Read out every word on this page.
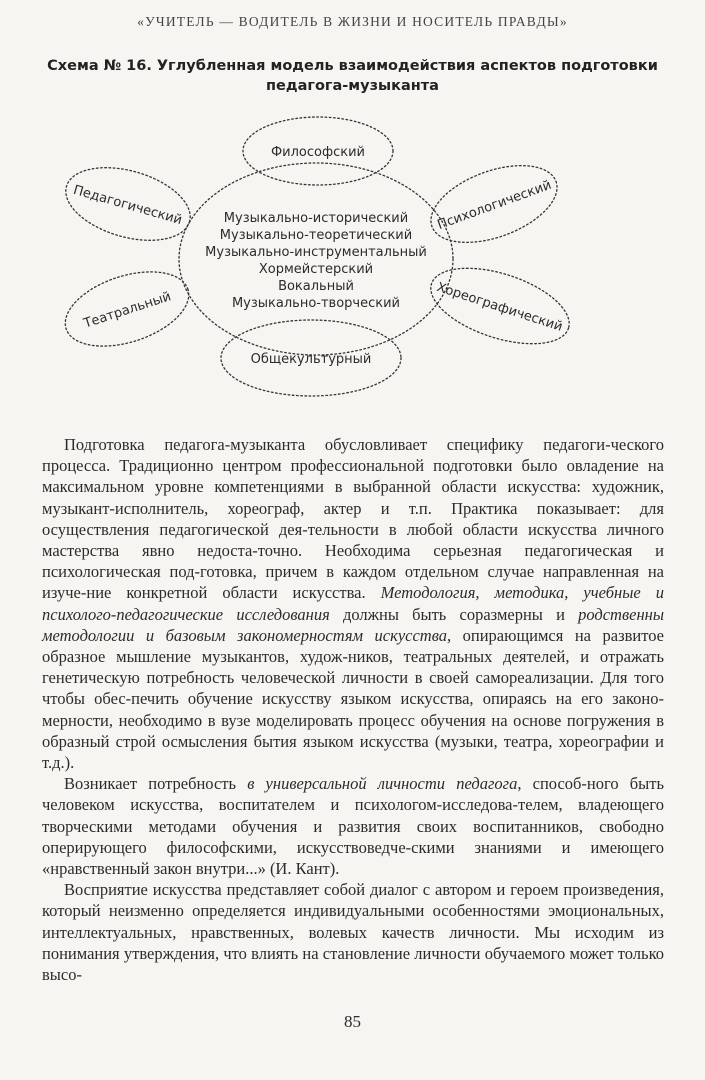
«УЧИТЕЛЬ — ВОДИТЕЛЬ В ЖИЗНИ И НОСИТЕЛЬ ПРАВДЫ»
Схема № 16. Углубленная модель взаимодействия аспектов подготовки
педагога-музыканта
Музыкально-исторический
Музыкально-теоретический
Музыкально-инструментальный
Хормейстерский
Вокальный
Музыкально-творческий
Философский
Педагогический	Психологический
Театральный	Хореографический
Общекультурный

Подготовка педагога-музыканта обусловливает специфику педагоги-ческого процесса. Традиционно центром профессиональной подготовки было овладение на максимальном уровне компетенциями в выбранной области искусства: художник, музыкант-исполнитель, хореограф, актер и т.п. Практика показывает: для осуществления педагогической дея-тельности в любой области искусства личного мастерства явно недоста-точно. Необходима серьезная педагогическая и психологическая под-готовка, причем в каждом отдельном случае направленная на изуче-ние конкретной области искусства. Методология, методика, учебные и психолого-педагогические исследования должны быть соразмерны и родственны методологии и базовым закономерностям искусства, опирающимся на развитое образное мышление музыкантов, худож-ников, театральных деятелей, и отражать генетическую потребность человеческой личности в своей самореализации. Для того чтобы обес-печить обучение искусству языком искусства, опираясь на его законо-мерности, необходимо в вузе моделировать процесс обучения на основе погружения в образный строй осмысления бытия языком искусства (музыки, театра, хореографии и т.д.).

Возникает потребность в универсальной личности педагога, способ-ного быть человеком искусства, воспитателем и психологом-исследова-телем, владеющего творческими методами обучения и развития своих воспитанников, свободно оперирующего философскими, искусствоведче-скими знаниями и имеющего «нравственный закон внутри...» (И. Кант).

Восприятие искусства представляет собой диалог с автором и героем произведения, который неизменно определяется индивидуальными особенностями эмоциональных, интеллектуальных, нравственных, волевых качеств личности. Мы исходим из понимания утверждения, что влиять на становление личности обучаемого может только высо-

85
